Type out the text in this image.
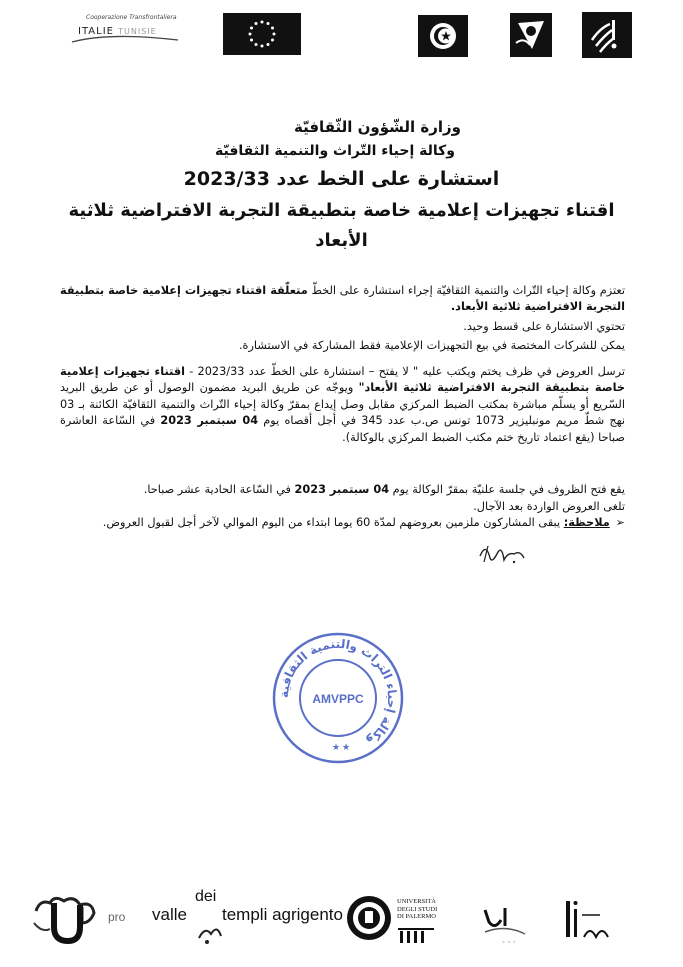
Cooperazione Transfrontaliera
ITALIE TUNISIE
وزارة الشّؤون الثّقافيّة
وكالة إحياء التّراث والتنمية الثقافيّة
استشارة على الخط عدد 2023/33
اقتناء تجهيزات إعلامية خاصة بتطبيقة التجربة الافتراضية ثلاثية الأبعاد
تعتزم وكالة إحياء التّراث والتنمية الثقافيّة إجراء استشارة على الخطّ متعلّقة اقتناء تجهيزات إعلامية خاصة بتطبيقة التجربة الافتراضية ثلاثية الأبعاد.
تحتوي الاستشارة على قسط وحيد.
يمكن للشركات المختصة في بيع التجهيزات الإعلامية فقط المشاركة في الاستشارة.
ترسل العروض في ظرف يختم ويكتب عليه " لا يفتح – استشارة على الخطّ عدد 2023/33 - اقتناء تجهيزات إعلامية خاصة بتطبيقة التجربة الافتراضية ثلاثية الأبعاد" ويوجّه عن طريق البريد مضمون الوصول أو عن طريق البريد السّريع أو يسلّم مباشرة بمكتب الضبط المركزي مقابل وصل إيداع بمقرّ وكالة إحياء التّراث والتنمية الثقافيّة الكائنة بـ 03 نهج شطّ مريم مونبليزير 1073 تونس ص.ب عدد 345 في أجل أقصاه يوم 04 سبتمبر 2023 في السّاعة العاشرة صباحا (يقع اعتماد تاريخ ختم مكتب الضبط المركزي بالوكالة).
يقع فتح الظروف في جلسة علنيّة بمقرّ الوكالة يوم 04 سبتمبر 2023 في السّاعة الحادية عشر صباحا.
تلغى العروض الواردة بعد الآجال.
➢ملاحظة: يبقى المشاركون ملزمين بعروضهم لمدّة 60 يوما ابتداء من اليوم الموالي لآخر أجل لقبول العروض.
وكالة إحياء التراث والتنمية الثقافية
AMVPPC
★ ★
pro valle
dei
templi agrigento
UNIVERSITÀ
DEGLI STUDI
DI PALERMO
◦ ◦ ◦
